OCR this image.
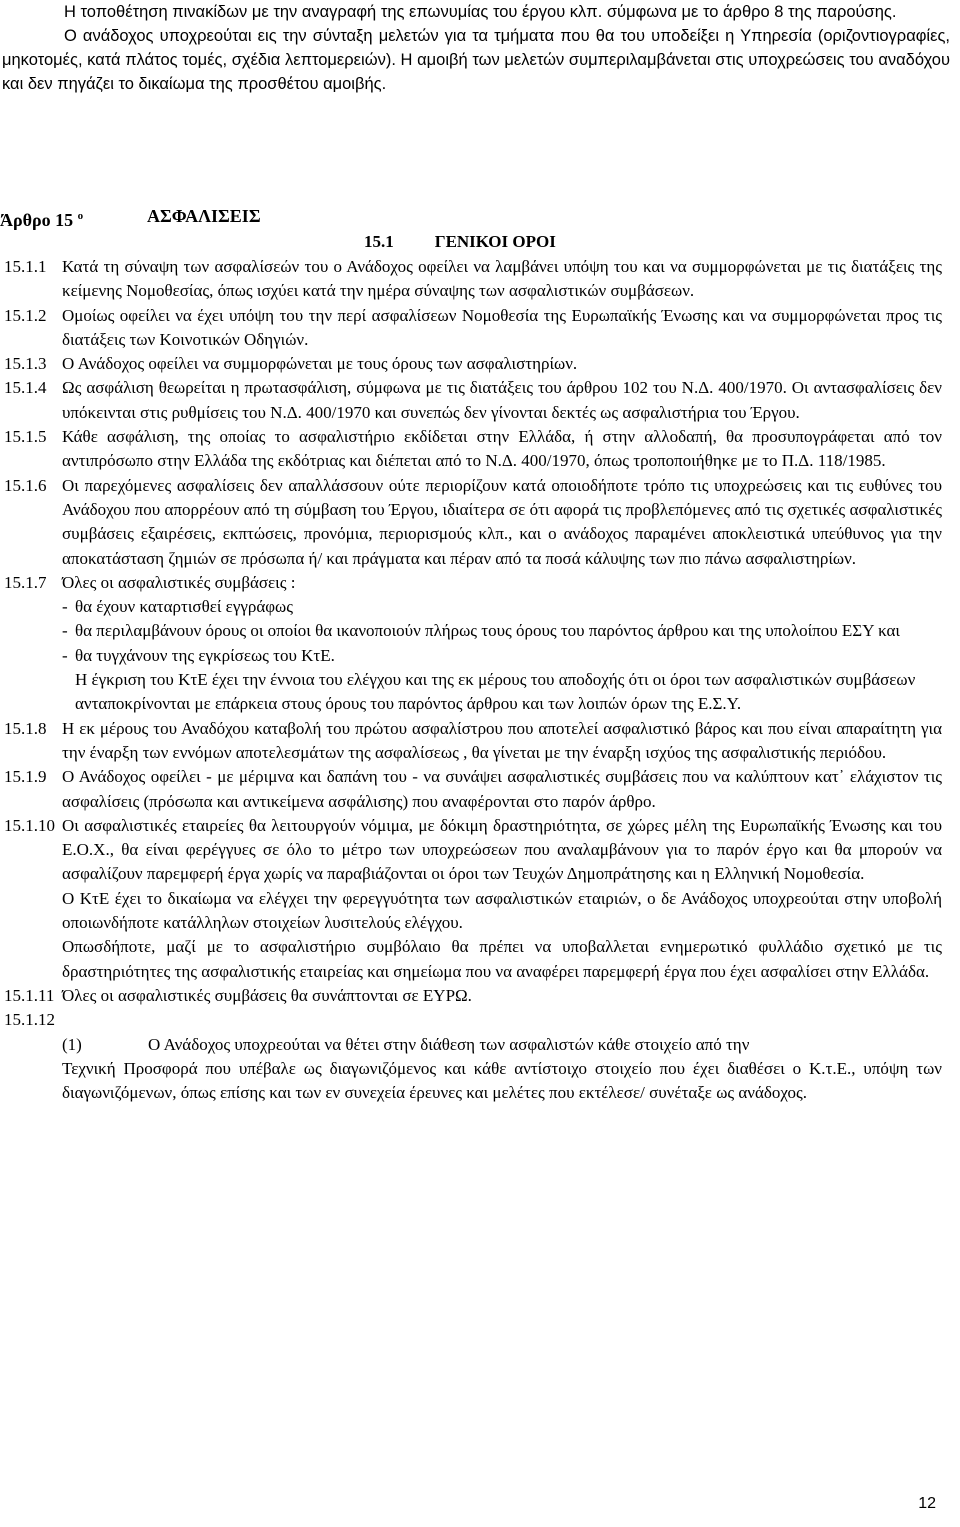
Η τοποθέτηση πινακίδων με την αναγραφή της επωνυμίας του έργου κλπ. σύμφωνα με το άρθρο 8 της παρούσης.

Ο ανάδοχος υποχρεούται εις την σύνταξη μελετών για τα τμήματα που θα του υποδείξει η Υπηρεσία (οριζοντιογραφίες, μηκοτομές, κατά πλάτος τομές, σχέδια λεπτομερειών). Η αμοιβή των μελετών συμπεριλαμβάνεται στις υποχρεώσεις του αναδόχου και δεν πηγάζει το δικαίωμα της προσθέτου αμοιβής.

Άρθρο 15 $^o$	ΑΣΦΑΛΙΣΕΙΣ
15.1 ΓΕΝΙΚΟΙ ΟΡΟΙ

15.1.1 Κατά τη σύναψη των ασφαλίσεών του ο Ανάδοχος οφείλει να λαμβάνει υπόψη του και να συμμορφώνεται με τις διατάξεις της κείμενης Νομοθεσίας, όπως ισχύει κατά την ημέρα σύναψης των ασφαλιστικών συμβάσεων.

15.1.2 Ομοίως οφείλει να έχει υπόψη του την περί ασφαλίσεων Νομοθεσία της Ευρωπαϊκής Ένωσης και να συμμορφώνεται προς τις διατάξεις των Κοινοτικών Οδηγιών.

15.1.3 Ο Ανάδοχος οφείλει να συμμορφώνεται με τους όρους των ασφαλιστηρίων.

15.1.4 Ως ασφάλιση θεωρείται η πρωτασφάλιση, σύμφωνα με τις διατάξεις του άρθρου 102 του Ν.Δ. 400/1970. Οι αντασφαλίσεις δεν υπόκεινται στις ρυθμίσεις του Ν.Δ. 400/1970 και συνεπώς δεν γίνονται δεκτές ως ασφαλιστήρια του Έργου.

15.1.5 Κάθε ασφάλιση, της οποίας το ασφαλιστήριο εκδίδεται στην Ελλάδα, ή στην αλλοδαπή, θα προσυπογράφεται από τον αντιπρόσωπο στην Ελλάδα της εκδότριας και διέπεται από το Ν.Δ. 400/1970, όπως τροποποιήθηκε με το Π.Δ. 118/1985.

15.1.6 Οι παρεχόμενες ασφαλίσεις δεν απαλλάσσουν ούτε περιορίζουν κατά οποιοδήποτε τρόπο τις υποχρεώσεις και τις ευθύνες του Ανάδοχου που απορρέουν από τη σύμβαση του Έργου, ιδιαίτερα σε ότι αφορά τις προβλεπόμενες από τις σχετικές ασφαλιστικές συμβάσεις εξαιρέσεις, εκπτώσεις, προνόμια, περιορισμούς κλπ., και ο ανάδοχος παραμένει αποκλειστικά υπεύθυνος για την αποκατάσταση ζημιών σε πρόσωπα ή/ και πράγματα και πέραν από τα ποσά κάλυψης των πιο πάνω ασφαλιστηρίων.

15.1.7 Όλες οι ασφαλιστικές συμβάσεις :

- θα έχουν καταρτισθεί εγγράφως

- θα περιλαμβάνουν όρους οι οποίοι θα ικανοποιούν πλήρως τους όρους του παρόντος άρθρου και της υπολοίπου ΕΣΥ και

- θα τυγχάνουν της εγκρίσεως του ΚτΕ.

Η έγκριση του ΚτΕ έχει την έννοια του ελέγχου και της εκ μέρους του αποδοχής ότι οι όροι των ασφαλιστικών συμβάσεων ανταποκρίνονται με επάρκεια στους όρους του παρόντος άρθρου και των λοιπών όρων της Ε.Σ.Υ.

15.1.8 Η εκ μέρους του Αναδόχου καταβολή του πρώτου ασφαλίστρου που αποτελεί ασφαλιστικό βάρος και που είναι απαραίτητη για την έναρξη των εννόμων αποτελεσμάτων της ασφαλίσεως , θα γίνεται με την έναρξη ισχύος της ασφαλιστικής περιόδου.

15.1.9 Ο Ανάδοχος οφείλει - με μέριμνα και δαπάνη του - να συνάψει ασφαλιστικές συμβάσεις που να καλύπτουν κατ᾽ ελάχιστον τις ασφαλίσεις (πρόσωπα και αντικείμενα ασφάλισης) που αναφέρονται στο παρόν άρθρο.

15.1.10 Οι ασφαλιστικές εταιρείες θα λειτουργούν νόμιμα, με δόκιμη δραστηριότητα, σε χώρες μέλη της Ευρωπαϊκής Ένωσης και του Ε.Ο.Χ., θα είναι φερέγγυες σε όλο το μέτρο των υποχρεώσεων που αναλαμβάνουν για το παρόν έργο και θα μπορούν να ασφαλίζουν παρεμφερή έργα χωρίς να παραβιάζονται οι όροι των Τευχών Δημοπράτησης και η Ελληνική Νομοθεσία.

Ο ΚτΕ έχει το δικαίωμα να ελέγχει την φερεγγυότητα των ασφαλιστικών εταιριών, ο δε Ανάδοχος υποχρεούται στην υποβολή οποιωνδήποτε κατάλληλων στοιχείων λυσιτελούς ελέγχου.

Οπωσδήποτε, μαζί με το ασφαλιστήριο συμβόλαιο θα πρέπει να υποβαλλεται ενημερωτικό φυλλάδιο σχετικό με τις δραστηριότητες της ασφαλιστικής εταιρείας και σημείωμα που να αναφέρει παρεμφερή έργα που έχει ασφαλίσει στην Ελλάδα.

15.1.11 Όλες οι ασφαλιστικές συμβάσεις θα συνάπτονται σε ΕΥΡΩ.

15.1.12

(1)	Ο Ανάδοχος υποχρεούται να θέτει στην διάθεση των ασφαλιστών κάθε στοιχείο από την

Τεχνική Προσφορά που υπέβαλε ως διαγωνιζόμενος και κάθε αντίστοιχο στοιχείο που έχει διαθέσει ο Κ.τ.Ε., υπόψη των διαγωνιζόμενων, όπως επίσης και των εν συνεχεία έρευνες και μελέτες που εκτέλεσε/ συνέταξε ως ανάδοχος.

12
